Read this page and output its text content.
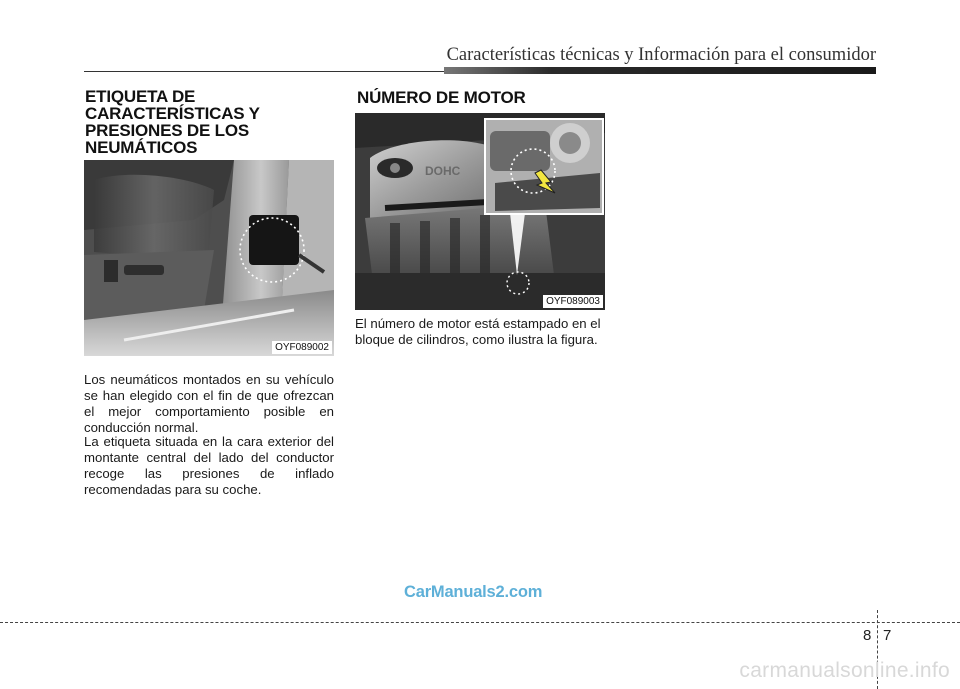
Características técnicas y Información para el consumidor
ETIQUETA DE
CARACTERÍSTICAS Y
PRESIONES DE LOS
NEUMÁTICOS
OYF089002

Los neumáticos montados en su vehículo se han elegido con el fin de que ofrezcan el mejor comportamiento posible en conducción normal.

La etiqueta situada en la cara exterior del montante central del lado del conductor recoge las presiones de inflado recomendadas para su coche.

NÚMERO DE MOTOR
DOHC
OYF089003

El número de motor está estampado en el bloque de cilindros, como ilustra la figura.

CarManuals2.com
8 7
carmanualsonline.info
